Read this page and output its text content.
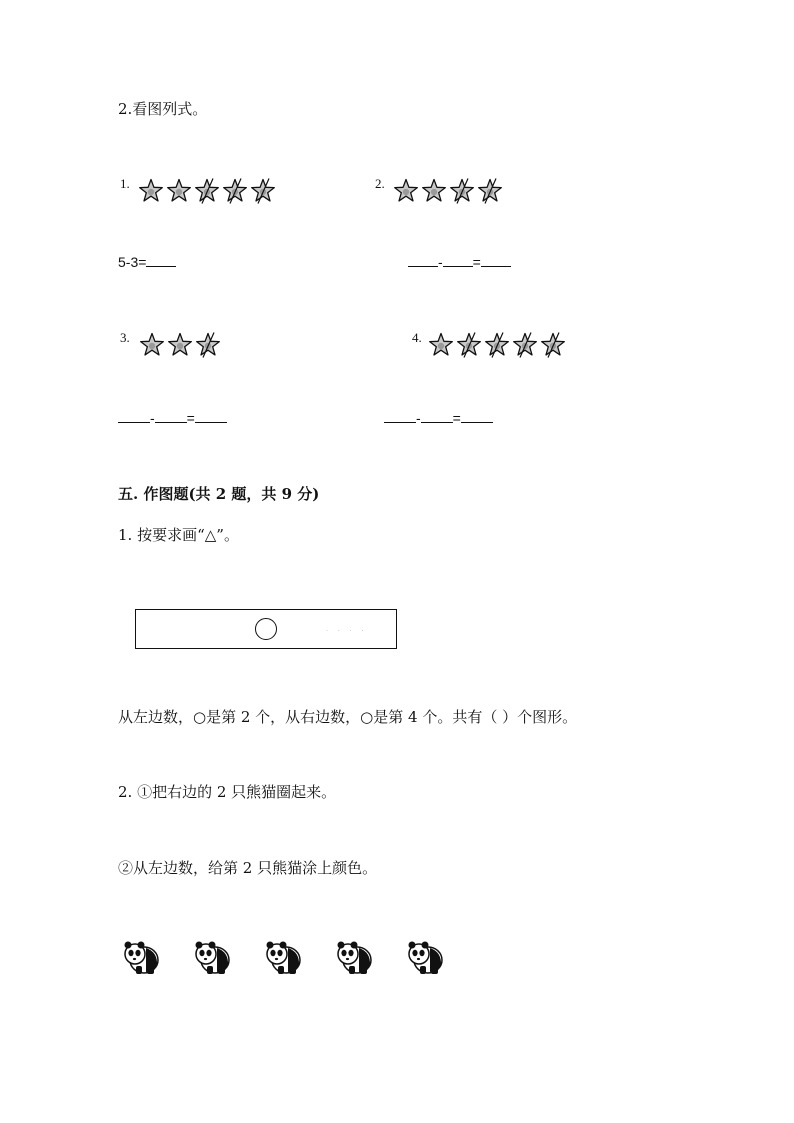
2.看图列式。
1.
5-3=
2.
- =
3.
- =
4.
- =
五. 作图题(共 2 题，共 9 分)
1. 按要求画“△”。
· · · ·
从左边数，○是第 2 个，从右边数，○是第 4 个。共有（ ）个图形。
2. ①把右边的 2 只熊猫圈起来。
②从左边数，给第 2 只熊猫涂上颜色。
